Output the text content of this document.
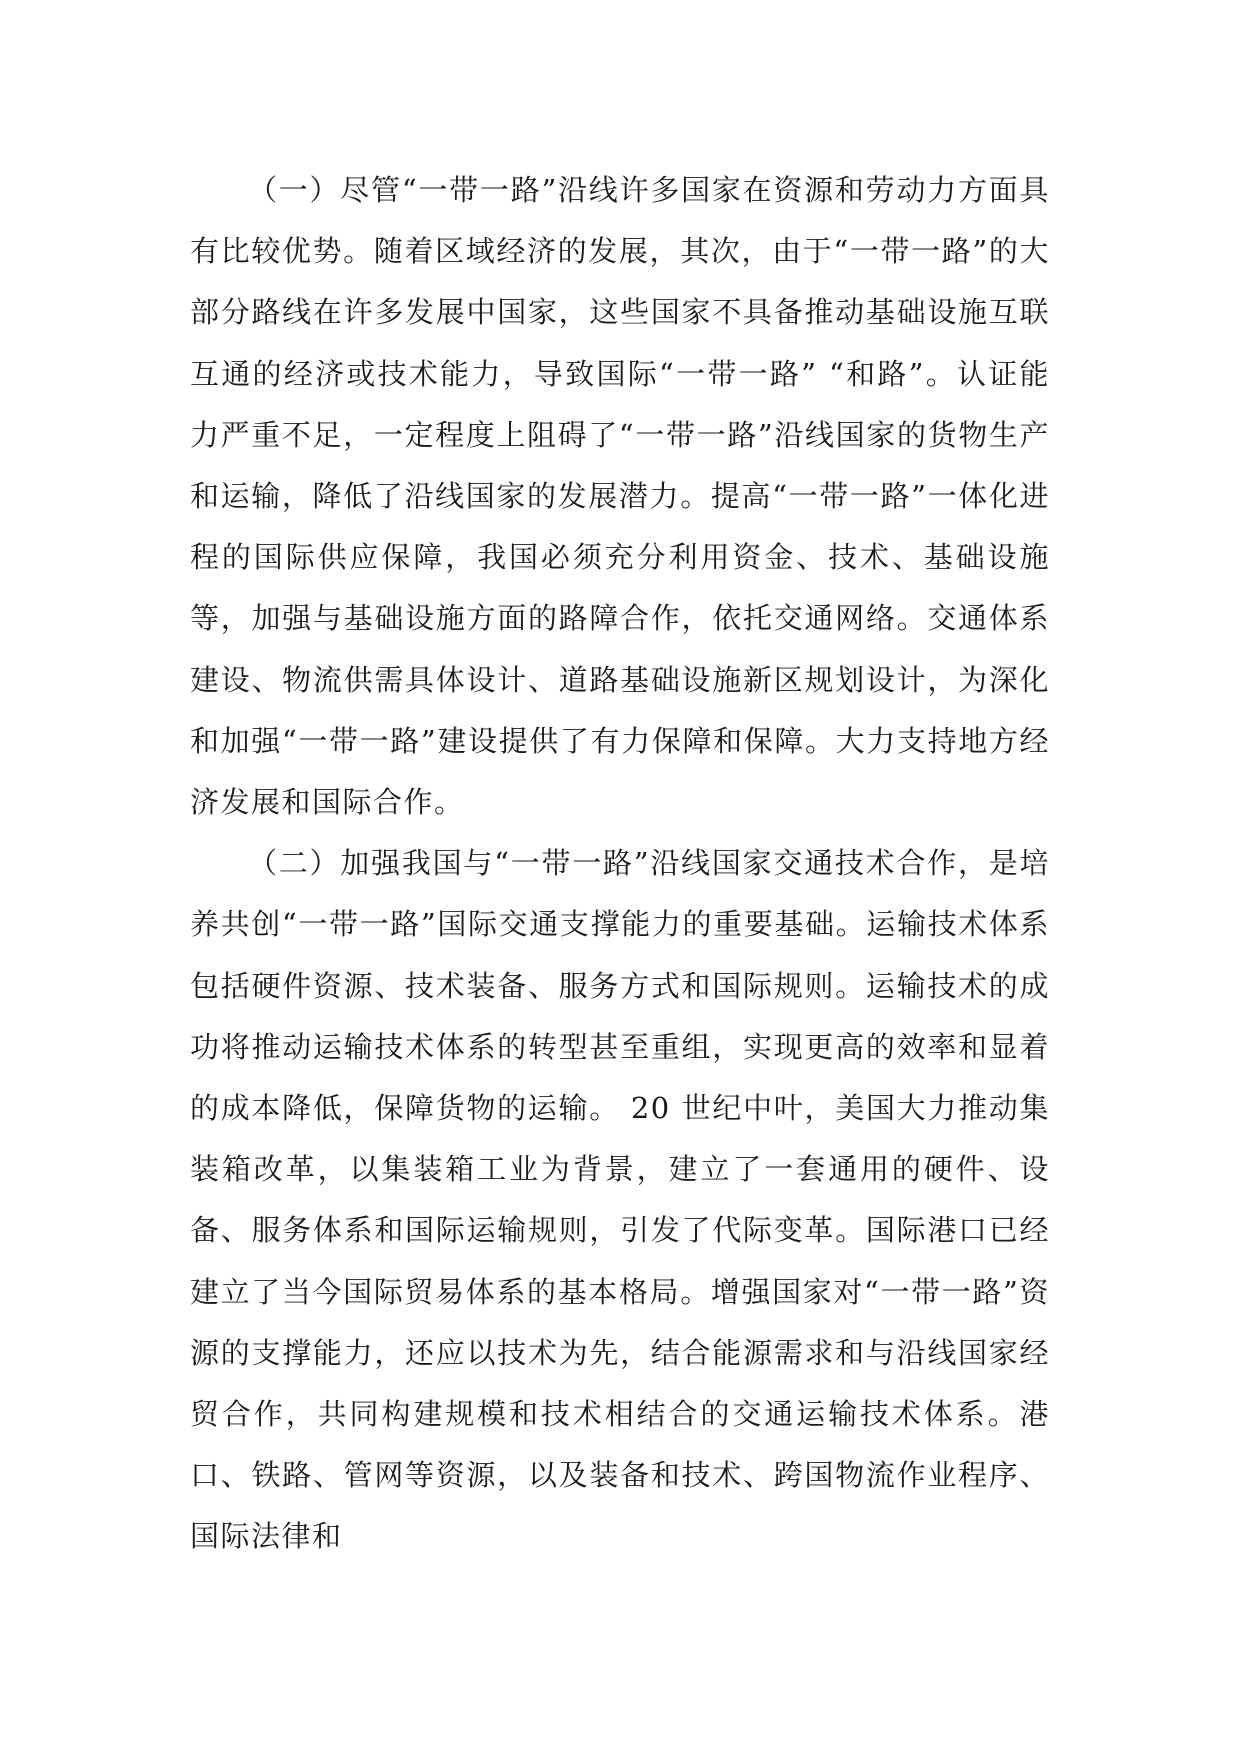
（一）尽管“一带一路”沿线许多国家在资源和劳动力方面具有比较优势。随着区域经济的发展，其次，由于“一带一路”的大部分路线在许多发展中国家，这些国家不具备推动基础设施互联互通的经济或技术能力，导致国际“一带一路” “和路”。认证能力严重不足，一定程度上阻碍了“一带一路”沿线国家的货物生产和运输，降低了沿线国家的发展潜力。提高“一带一路”一体化进程的国际供应保障，我国必须充分利用资金、技术、基础设施等，加强与基础设施方面的路障合作，依托交通网络。交通体系建设、物流供需具体设计、道路基础设施新区规划设计，为深化和加强“一带一路”建设提供了有力保障和保障。大力支持地方经济发展和国际合作。

（二）加强我国与“一带一路”沿线国家交通技术合作，是培养共创“一带一路”国际交通支撑能力的重要基础。运输技术体系包括硬件资源、技术装备、服务方式和国际规则。运输技术的成功将推动运输技术体系的转型甚至重组，实现更高的效率和显着的成本降低，保障货物的运输。 20 世纪中叶，美国大力推动集装箱改革，以集装箱工业为背景，建立了一套通用的硬件、设备、服务体系和国际运输规则，引发了代际变革。国际港口已经建立了当今国际贸易体系的基本格局。增强国家对“一带一路”资源的支撑能力，还应以技术为先，结合能源需求和与沿线国家经贸合作，共同构建规模和技术相结合的交通运输技术体系。港口、铁路、管网等资源，以及装备和技术、跨国物流作业程序、国际法律和
